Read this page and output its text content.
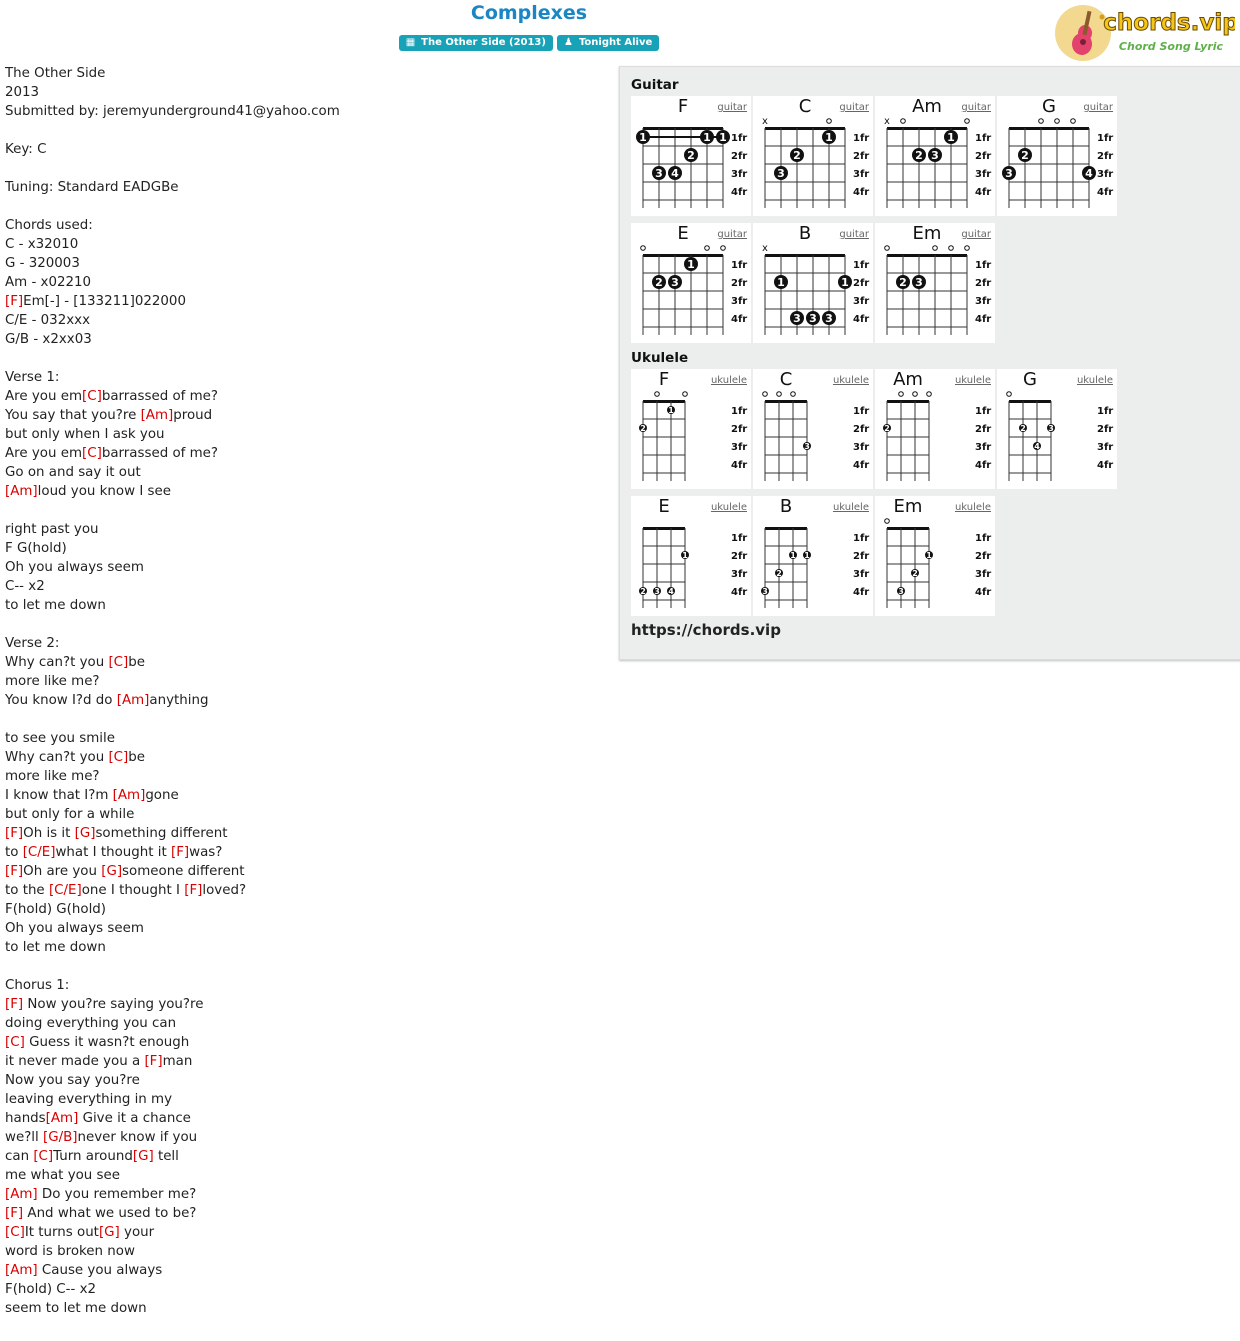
Complexes
▦ The Other Side (2013) ♟ Tonight Alive
chords.vip
Chord Song Lyric
The Other Side
2013
Submitted by: jeremyunderground41@yahoo.com
Key: C
Tuning: Standard EADGBe
Chords used:
C - x32010
G - 320003
Am - x02210
[F]Em[-] - [133211]022000
C/E - 032xxx
G/B - x2xx03
Verse 1:
Are you em[C]barrassed of me?
You say that you?re [Am]proud
but only when I ask you
Are you em[C]barrassed of me?
Go on and say it out
[Am]loud you know I see
right past you
F G(hold)
Oh you always seem
C-- x2
to let me down
Verse 2:
Why can?t you [C]be
more like me?
You know I?d do [Am]anything
to see you smile
Why can?t you [C]be
more like me?
I know that I?m [Am]gone
but only for a while
[F]Oh is it [G]something different
to [C/E]what I thought it [F]was?
[F]Oh are you [G]someone different
to the [C/E]one I thought I [F]loved?
F(hold) G(hold)
Oh you always seem
to let me down
Chorus 1:
[F] Now you?re saying you?re
doing everything you can
[C] Guess it wasn?t enough
it never made you a [F]man
Now you say you?re
leaving everything in my
hands[Am] Give it a chance
we?ll [G/B]never know if you
can [C]Turn around[G] tell
me what you see
[Am] Do you remember me?
[F] And what we used to be?
[C]It turns out[G] your
word is broken now
[Am] Cause you always
F(hold) C-- x2
seem to let me down
https://chords.vip
Guitar
1fr
2fr
3fr
4fr
1	1 1
2
3 4
F	guitar
1fr
2fr
3fr
4fr
x
1
2
3
C	guitar
1fr
2fr
3fr
4fr
x
1
2 3
Am	guitar
1fr
2fr
3fr
4fr
2
3	4
G	guitar
1fr
2fr
3fr
4fr
1
2 3
E	guitar
1fr
2fr
3fr
4fr
x
1	1
3 3 3
B	guitar
1fr
2fr
3fr
4fr
2 3
Em	guitar
Ukulele
1fr
2fr
3fr
4fr
2
1
F	ukulele
1fr
2fr
3fr
4fr
3
C	ukulele
1fr
2fr
3fr
4fr
2
Am	ukulele
1fr
2fr
3fr
4fr
2	3
4
G	ukulele
1fr
2fr
3fr
4fr
1
2 3 4
E	ukulele
1fr
2fr
3fr
4fr
1 1
2
3
B	ukulele
1fr
2fr
3fr
4fr
1
2
3
Em	ukulele
